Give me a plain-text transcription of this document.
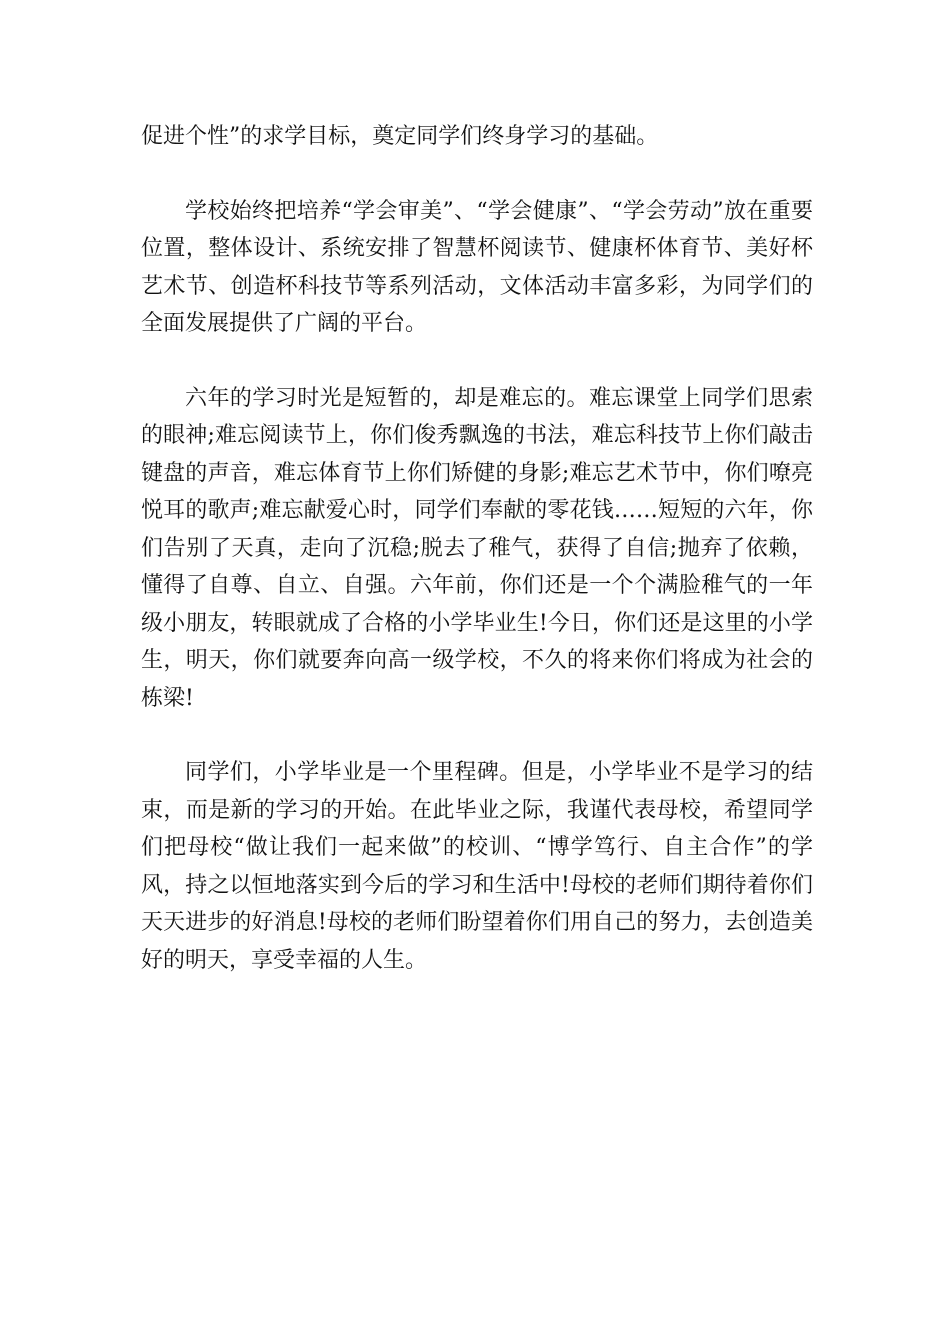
促进个性”的求学目标，奠定同学们终身学习的基础。

学校始终把培养“学会审美”、“学会健康”、“学会劳动”放在重要位置，整体设计、系统安排了智慧杯阅读节、健康杯体育节、美好杯艺术节、创造杯科技节等系列活动，文体活动丰富多彩，为同学们的全面发展提供了广阔的平台。

六年的学习时光是短暂的，却是难忘的。难忘课堂上同学们思索的眼神;难忘阅读节上，你们俊秀飘逸的书法，难忘科技节上你们敲击键盘的声音，难忘体育节上你们矫健的身影;难忘艺术节中，你们嘹亮悦耳的歌声;难忘献爱心时，同学们奉献的零花钱……短短的六年，你们告别了天真，走向了沉稳;脱去了稚气，获得了自信;抛弃了依赖，懂得了自尊、自立、自强。六年前，你们还是一个个满脸稚气的一年级小朋友，转眼就成了合格的小学毕业生!今日，你们还是这里的小学生，明天，你们就要奔向高一级学校，不久的将来你们将成为社会的栋梁!

同学们，小学毕业是一个里程碑。但是，小学毕业不是学习的结束，而是新的学习的开始。在此毕业之际，我谨代表母校，希望同学们把母校“做让我们一起来做”的校训、“博学笃行、自主合作”的学风，持之以恒地落实到今后的学习和生活中!母校的老师们期待着你们天天进步的好消息!母校的老师们盼望着你们用自己的努力，去创造美好的明天，享受幸福的人生。
